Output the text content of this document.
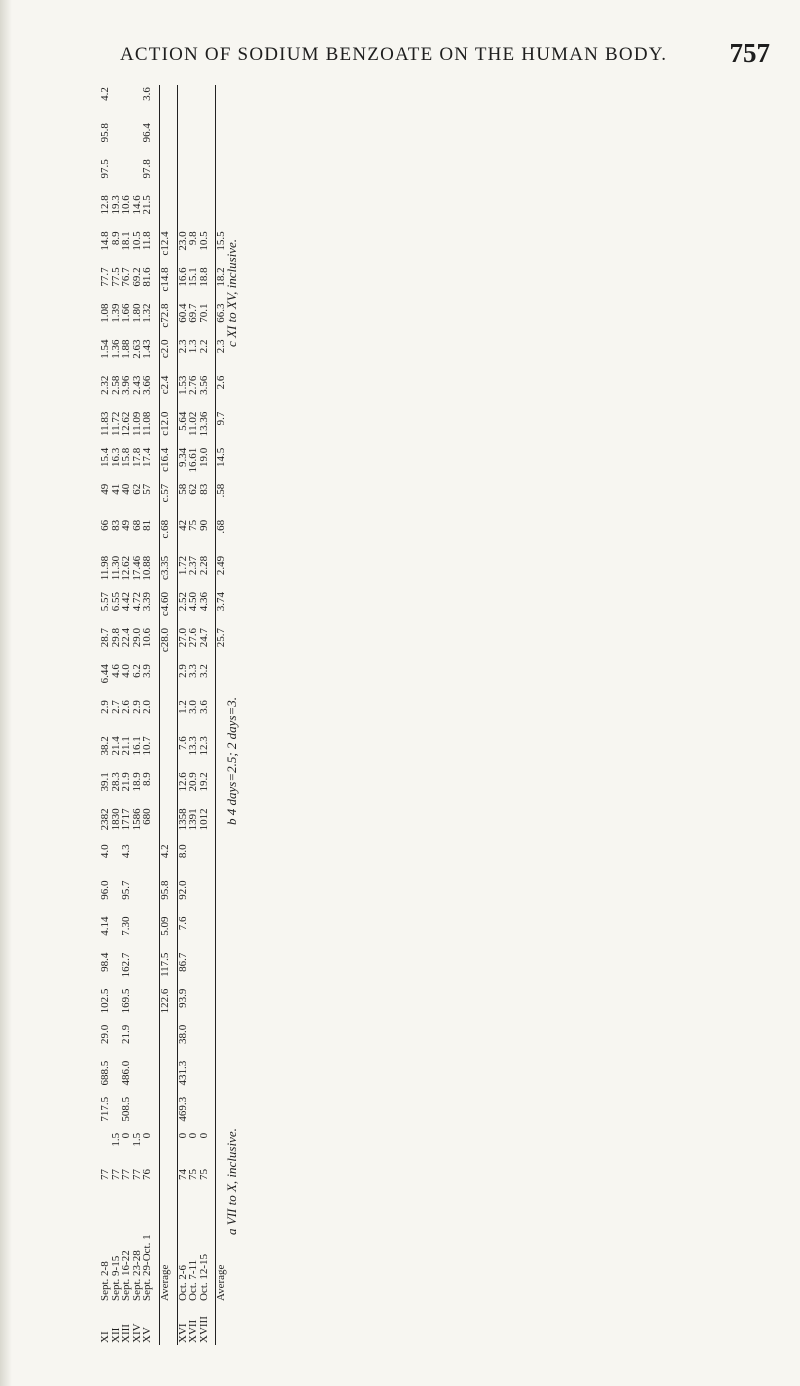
ACTION OF SODIUM BENZOATE ON THE HUMAN BODY. 757
XI
Sept. 2-8
77
717.5
688.5
29.0
102.5
98.4
4.14
96.0
4.0
2382
39.1
38.2
2.9
6.44
28.7
5.57
11.98
66
49
15.4
11.83
2.32
1.54
1.08
77.7
14.8
12.8
97.5
95.8
4.2
XII
Sept. 9-15
77
1.5
1830
28.3
21.4
2.7
4.6
29.8
6.55
11.30
83
41
16.3
11.72
2.58
1.36
1.39
77.5
8.9
19.3
XIII
Sept. 16-22
77
0
508.5
486.0
21.9
169.5
162.7
7.30
95.7
4.3
1717
21.9
21.1
2.6
4.0
22.4
4.42
12.62
49
40
15.8
12.62
3.96
1.88
1.66
76.7
18.1
10.6
XIV
Sept. 23-28
77
1.5
1586
18.9
16.1
2.9
6.2
29.0
4.72
17.46
68
62
17.8
11.09
2.43
2.63
1.80
69.2
10.5
14.6
XV
Sept. 29-Oct. 1
76
0
680
8.9
10.7
2.0
3.9
10.6
3.39
10.88
81
57
17.4
11.08
3.66
1.43
1.32
81.6
11.8
21.5
97.8
96.4
3.6
Average
122.6
117.5
5.09
95.8
4.2
c28.0
c4.60
c3.35
c.68
c.57
c16.4
c12.0
c2.4
c2.0
c72.8
c14.8
c12.4
XVI
Oct. 2-6
74
0
469.3
431.3
38.0
93.9
86.7
7.6
92.0
8.0
1358
12.6
7.6
1.2
2.9
27.0
2.52
1.72
42
58
9.34
5.64
1.53
2.3
60.4
16.6
23.0
XVII
Oct. 7-11
75
0
1391
20.9
13.3
3.0
3.3
27.6
4.50
2.37
75
62
16.61
11.02
2.76
1.3
69.7
15.1
9.8
XVIII
Oct. 12-15
75
0
1012
19.2
12.3
3.6
3.2
24.7
4.36
2.28
90
83
19.0
13.36
3.56
2.2
70.1
18.8
10.5
Average
25.7
3.74
2.49
.68
.58
14.5
9.7
2.6
2.3
66.3
18.2
15.5
a VII to X, inclusive.
b 4 days=2.5; 2 days=3.
c XI to XV, inclusive.
